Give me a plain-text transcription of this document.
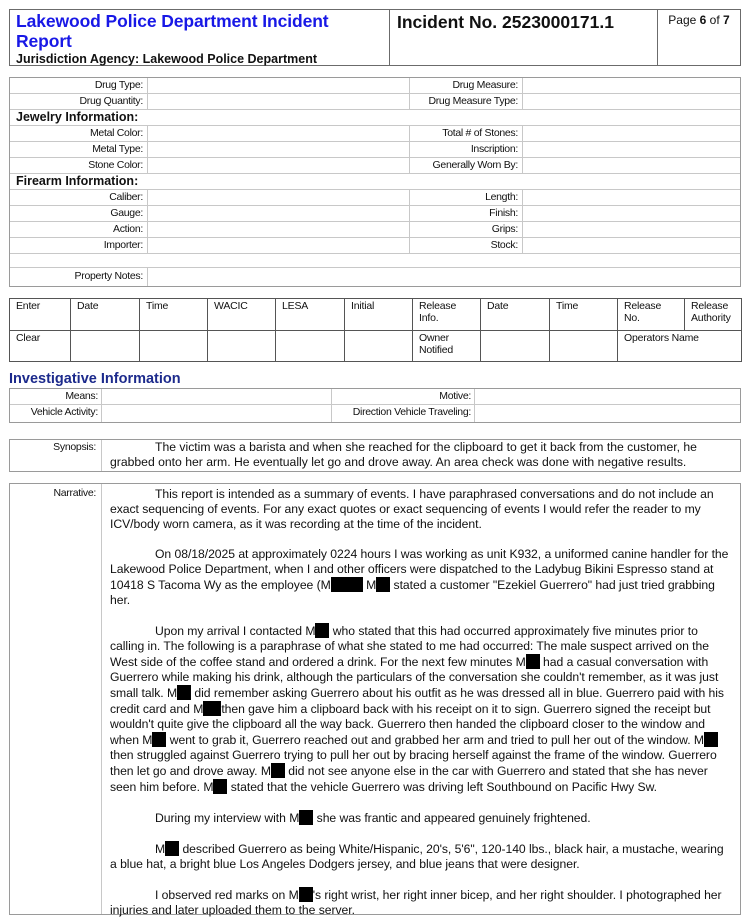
Lakewood Police Department Incident Report
Jurisdiction Agency: Lakewood Police Department
Incident No. 2523000171.1	Page 6 of 7
Drug Type:	Drug Measure:
Drug Quantity:	Drug Measure Type:
Jewelry Information:
Metal Color:	Total # of Stones:
Metal Type:	Inscription:
Stone Color:	Generally Worn By:
Firearm Information:
Caliber:	Length:
Gauge:	Finish:
Action:	Grips:
Importer:	Stock:
Property Notes:
Enter	Date	Time	WACIC	LESA	Initial	Release Info.	Date	Time	Release No.	Release Authority
Clear						Owner Notified			Operators Name	
Investigative Information
Means:	Motive:
Vehicle Activity:	Direction Vehicle Traveling:
Synopsis:	The victim was a barista and when she reached for the clipboard to get it back from the customer, he grabbed onto her arm. He eventually let go and drove away. An area check was done with negative results.
Narrative:	This report is intended as a summary of events. I have paraphrased conversations and do not include an exact sequencing of events. For any exact quotes or exact sequencing of events I would refer the reader to my ICV/body worn camera, as it was recording at the time of the incident.

On 08/18/2025 at approximately 0224 hours I was working as unit K932, a uniformed canine handler for the Lakewood Police Department, when I and other officers were dispatched to the Ladybug Bikini Espresso stand at 10418 S Tacoma Wy as the employee (M	M stated a customer "Ezekiel Guerrero" had just tried grabbing her.

Upon my arrival I contacted M who stated that this had occurred approximately five minutes prior to calling in. The following is a paraphrase of what she stated to me had occurred: The male suspect arrived on the West side of the coffee stand and ordered a drink. For the next few minutes M had a casual conversation with Guerrero while making his drink, although the particulars of the conversation she couldn't remember, as it was just small talk. M did remember asking Guerrero about his outfit as he was dressed all in blue. Guerrero paid with his credit card and M then gave him a clipboard back with his receipt on it to sign. Guerrero signed the receipt but wouldn't quite give the clipboard all the way back. Guerrero then handed the clipboard closer to the window and when M went to grab it, Guerrero reached out and grabbed her arm and tried to pull her out of the window. M then struggled against Guerrero trying to pull her out by bracing herself against the frame of the window. Guerrero then let go and drove away. M did not see anyone else in the car with Guerrero and stated that she has never seen him before. M stated that the vehicle Guerrero was driving left Southbound on Pacific Hwy Sw.

During my interview with M she was frantic and appeared genuinely frightened.

M described Guerrero as being White/Hispanic, 20's, 5'6", 120-140 lbs., black hair, a mustache, wearing a blue hat, a bright blue Los Angeles Dodgers jersey, and blue jeans that were designer.

I observed red marks on M 's right wrist, her right inner bicep, and her right shoulder. I photographed her injuries and later uploaded them to the server.
